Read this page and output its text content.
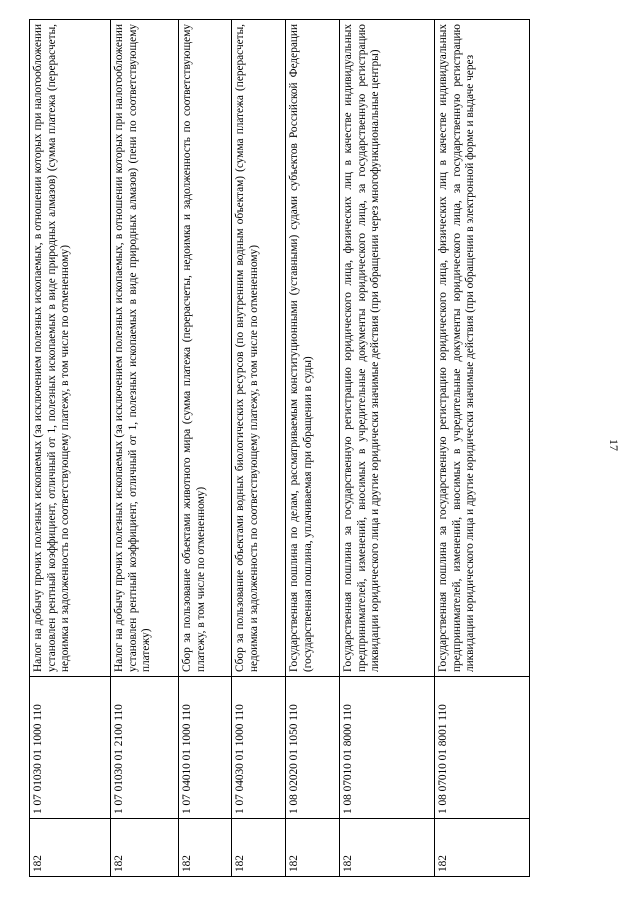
182	1 07 01030 01 1000 110	Налог на добычу прочих полезных ископаемых (за исключением полезных ископаемых, в отношении которых при налогообложении установлен рентный коэффициент, отличный от 1, полезных ископаемых в виде природных алмазов) (сумма платежа (перерасчеты, недоимка и задолженность по соответствующему платежу, в том числе по отмененному)
182	1 07 01030 01 2100 110	Налог на добычу прочих полезных ископаемых (за исключением полезных ископаемых, в отношении которых при налогообложении установлен рентный коэффициент, отличный от 1, полезных ископаемых в виде природных алмазов) (пени по соответствующему платежу)
182	1 07 04010 01 1000 110	Сбор за пользование объектами животного мира (сумма платежа (перерасчеты, недоимка и задолженность по соответствующему платежу, в том числе по отмененному)
182	1 07 04030 01 1000 110	Сбор за пользование объектами водных биологических ресурсов (по внутренним водным объектам) (сумма платежа (перерасчеты, недоимка и задолженность по соответствующему платежу, в том числе по отмененному)
182	1 08 02020 01 1050 110	Государственная пошлина по делам, рассматриваемым конституционными (уставными) судами субъектов Российской Федерации (государственная пошлина, уплачиваемая при обращении в суды)
182	1 08 07010 01 8000 110	Государственная пошлина за государственную регистрацию юридического лица, физических лиц в качестве индивидуальных предпринимателей, изменений, вносимых в учредительные документы юридического лица, за государственную регистрацию ликвидации юридического лица и другие юридически значимые действия (при обращении через многофункциональные центры)
182	1 08 07010 01 8001 110	Государственная пошлина за государственную регистрацию юридического лица, физических лиц в качестве индивидуальных предпринимателей, изменений, вносимых в учредительные документы юридического лица, за государственную регистрацию ликвидации юридического лица и другие юридически значимые действия (при обращении в электронной форме и выдаче через	17
